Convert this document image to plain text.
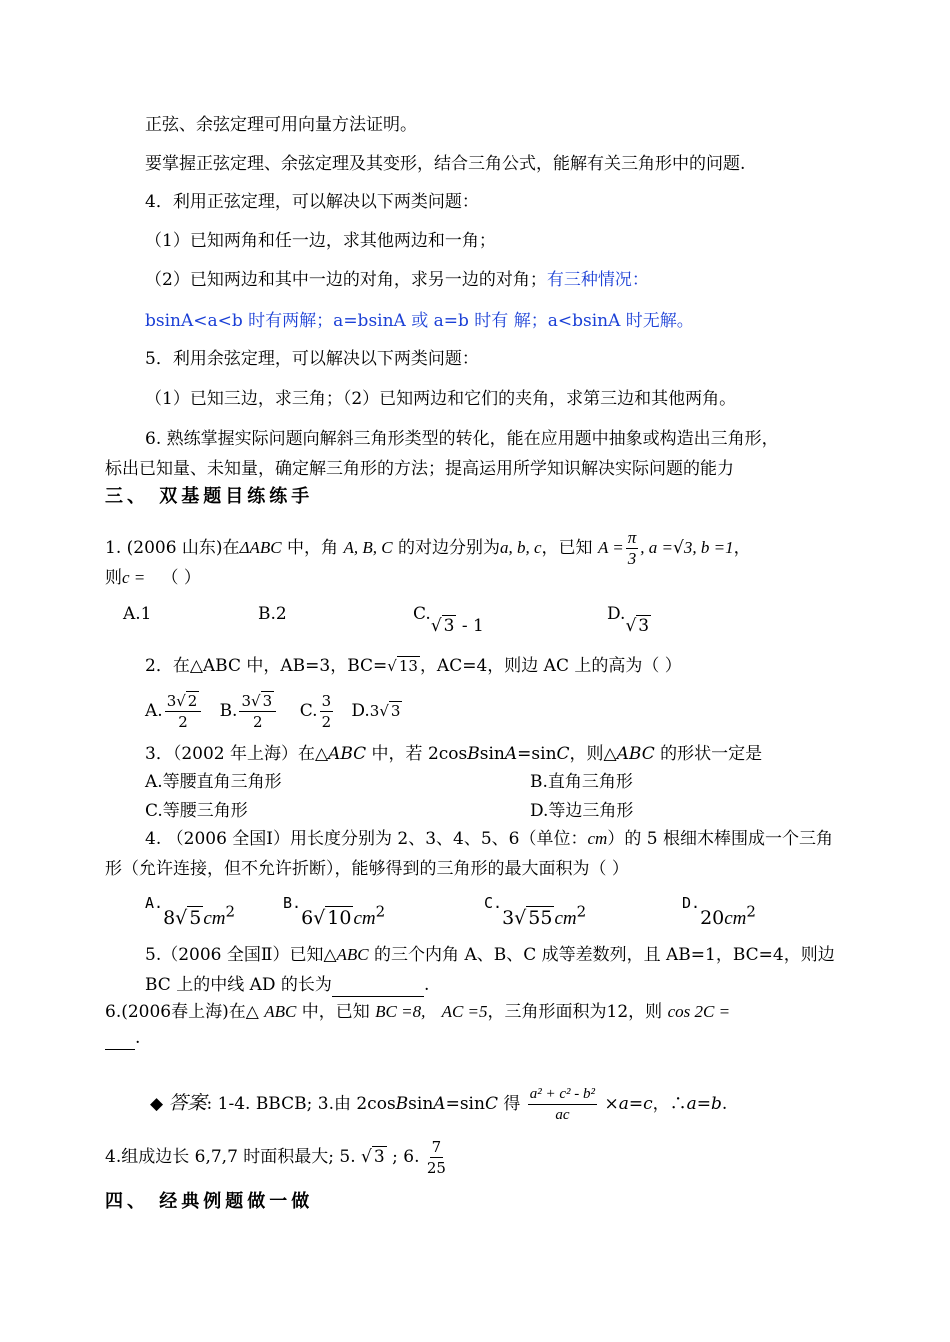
正弦、余弦定理可用向量方法证明。
要掌握正弦定理、余弦定理及其变形，结合三角公式，能解有关三角形中的问题.
4．利用正弦定理，可以解决以下两类问题：
（1）已知两角和任一边，求其他两边和一角；
（2）已知两边和其中一边的对角，求另一边的对角；有三种情况：
bsinA<a<b 时有两解；a=bsinA 或 a=b 时有 解；a<bsinA 时无解。
5．利用余弦定理，可以解决以下两类问题：
（1）已知三边，求三角；（2）已知两边和它们的夹角，求第三边和其他两角。
6. 熟练掌握实际问题向解斜三角形类型的转化，能在应用题中抽象或构造出三角形，
标出已知量、未知量，确定解三角形的方法；提高运用所学知识解决实际问题的能力
三、 双基题目练练手
1. (2006 山东)在ΔABC 中，角 A, B, C 的对边分别为a, b, c，已知 $A = \frac{\pi}{3}$ , a =√3, b =1，
则c = （ ）
A.1	B.2	C.√ 3 - 1
D.√ 3
2．在△ABC 中，AB=3，BC=√ 13 ，AC=4，则边 AC 上的高为（ ）
A. $\frac{3√ 2}{2} B$. $\frac{3√ 3}{2} C$. $\frac{3}{2} D.3√$ 3
3．（2002 年上海）在△ABC 中，若 2cosBsinA=sinC，则△ABC 的形状一定是
A.等腰直角三角形	B.直角三角形
C.等腰三角形	D.等边三角形
4. （2006 全国Ⅰ）用长度分别为 2、3、4、5、6（单位：cm）的 5 根细木棒围成一个三角
形（允许连接，但不允许折断），能够得到的三角形的最大面积为（ ）
A.8√ 5 $cm^2$	B.6√ 10 $cm^2$	C.3√ 55 $cm^2$	$D.20cm^2$
5.（2006 全国Ⅱ）已知△ABC 的三个内角 A、B、C 成等差数列，且 AB=1，BC=4，则边
BC 上的中线 AD 的长为	.
6.(2006春上海)在△ ABC 中，已知 BC =8, AC =5，三角形面积为12，则 cos 2C =
.
◆ 答案: 1-4. BBCB; 3.由 2cosBsinA=sinC 得 $\frac{\text{a² + c² - b²}}{ac} \times a=c$，∴a=b.
4.组成边长 6,7,7 时面积最大; 5. √ 3 ; 6. $\frac{7}{25}$
四、 经典例题做一做
